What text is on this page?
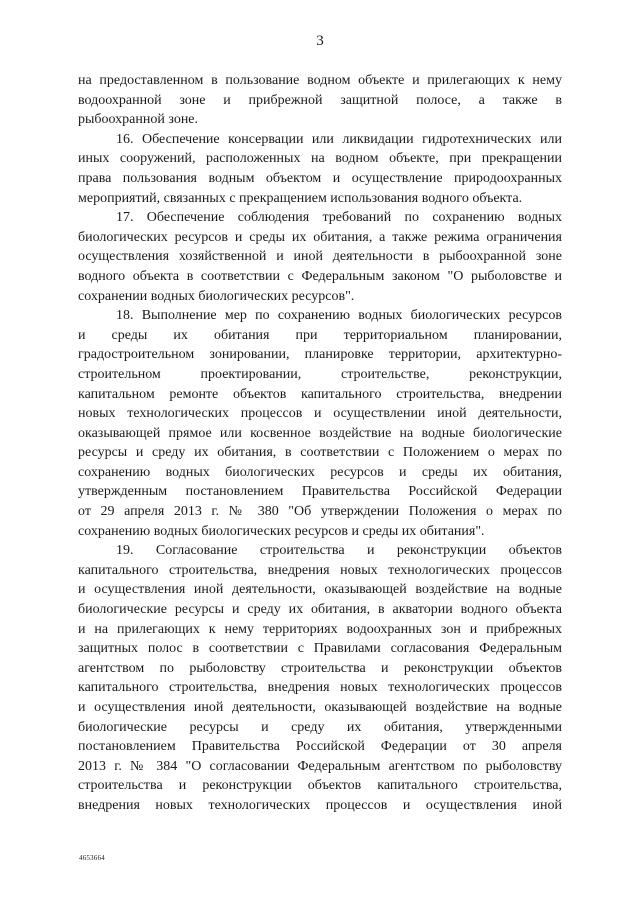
3
на предоставленном в пользование водном объекте и прилегающих к нему
водоохранной зоне и прибрежной защитной полосе, а также в
рыбоохранной зоне.
16. Обеспечение консервации или ликвидации гидротехнических или
иных сооружений, расположенных на водном объекте, при прекращении
права пользования водным объектом и осуществление природоохранных
мероприятий, связанных с прекращением использования водного объекта.
17. Обеспечение соблюдения требований по сохранению водных
биологических ресурсов и среды их обитания, а также режима ограничения
осуществления хозяйственной и иной деятельности в рыбоохранной зоне
водного объекта в соответствии с Федеральным законом "О рыболовстве и
сохранении водных биологических ресурсов".
18. Выполнение мер по сохранению водных биологических ресурсов
и среды их обитания при территориальном планировании,
градостроительном зонировании, планировке территории, архитектурно-
строительном проектировании, строительстве, реконструкции,
капитальном ремонте объектов капитального строительства, внедрении
новых технологических процессов и осуществлении иной деятельности,
оказывающей прямое или косвенное воздействие на водные биологические
ресурсы и среду их обитания, в соответствии с Положением о мерах по
сохранению водных биологических ресурсов и среды их обитания,
утвержденным постановлением Правительства Российской Федерации
от 29 апреля 2013 г. № 380 "Об утверждении Положения о мерах по
сохранению водных биологических ресурсов и среды их обитания".
19. Согласование строительства и реконструкции объектов
капитального строительства, внедрения новых технологических процессов
и осуществления иной деятельности, оказывающей воздействие на водные
биологические ресурсы и среду их обитания, в акватории водного объекта
и на прилегающих к нему территориях водоохранных зон и прибрежных
защитных полос в соответствии с Правилами согласования Федеральным
агентством по рыболовству строительства и реконструкции объектов
капитального строительства, внедрения новых технологических процессов
и осуществления иной деятельности, оказывающей воздействие на водные
биологические ресурсы и среду их обитания, утвержденными
постановлением Правительства Российской Федерации от 30 апреля
2013 г. № 384 "О согласовании Федеральным агентством по рыболовству
строительства и реконструкции объектов капитального строительства,
внедрения новых технологических процессов и осуществления иной
4653664
